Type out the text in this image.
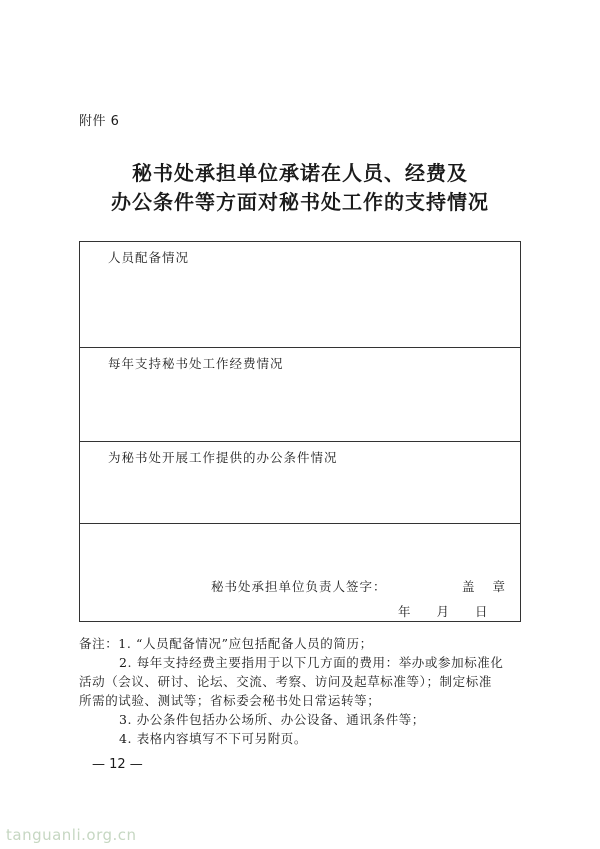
附件 6
秘书处承担单位承诺在人员、经费及
办公条件等方面对秘书处工作的支持情况
人员配备情况
每年支持秘书处工作经费情况
为秘书处开展工作提供的办公条件情况
秘书处承担单位负责人签字：	盖 章
年 月 日
备注：1. “人员配备情况”应包括配备人员的简历；
2. 每年支持经费主要指用于以下几方面的费用：举办或参加标准化
活动（会议、研讨、论坛、交流、考察、访问及起草标准等）；制定标准
所需的试验、测试等；省标委会秘书处日常运转等；
3. 办公条件包括办公场所、办公设备、通讯条件等；
4. 表格内容填写不下可另附页。
— 12 —
tanguanli.org.cn
